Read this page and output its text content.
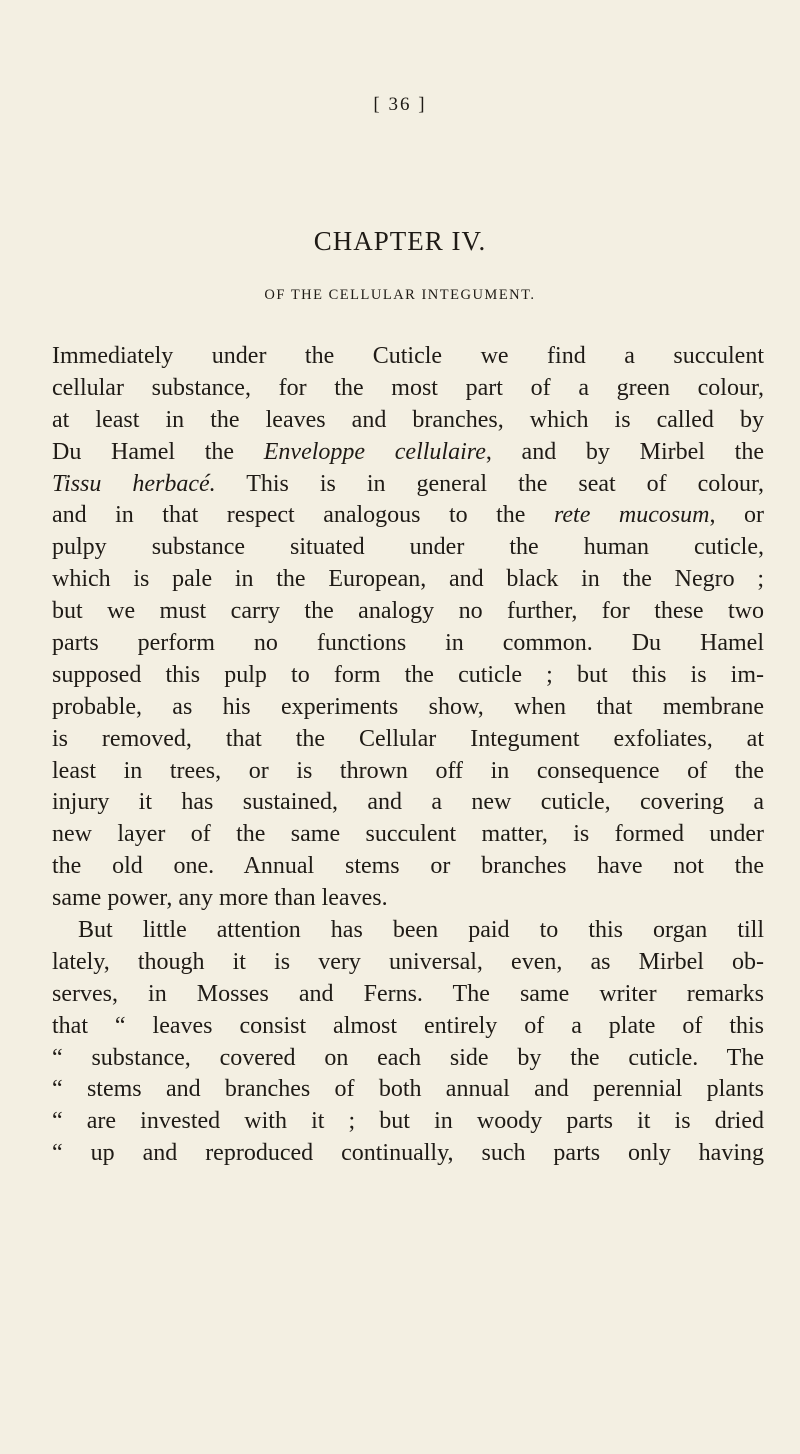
[ 36 ]
CHAPTER IV.
OF THE CELLULAR INTEGUMENT.
Immediately under the Cuticle we find a succulent
cellular substance, for the most part of a green colour,
at least in the leaves and branches, which is called by
Du Hamel the Enveloppe cellulaire, and by Mirbel the
Tissu herbacé. This is in general the seat of colour,
and in that respect analogous to the rete mucosum, or
pulpy substance situated under the human cuticle,
which is pale in the European, and black in the Negro ;
but we must carry the analogy no further, for these two
parts perform no functions in common. Du Hamel
supposed this pulp to form the cuticle ; but this is im-
probable, as his experiments show, when that membrane
is removed, that the Cellular Integument exfoliates, at
least in trees, or is thrown off in consequence of the
injury it has sustained, and a new cuticle, covering a
new layer of the same succulent matter, is formed under
the old one. Annual stems or branches have not the
same power, any more than leaves.
But little attention has been paid to this organ till
lately, though it is very universal, even, as Mirbel ob-
serves, in Mosses and Ferns. The same writer remarks
that “ leaves consist almost entirely of a plate of this
“ substance, covered on each side by the cuticle. The
“ stems and branches of both annual and perennial plants
“ are invested with it ; but in woody parts it is dried
“ up and reproduced continually, such parts only having
